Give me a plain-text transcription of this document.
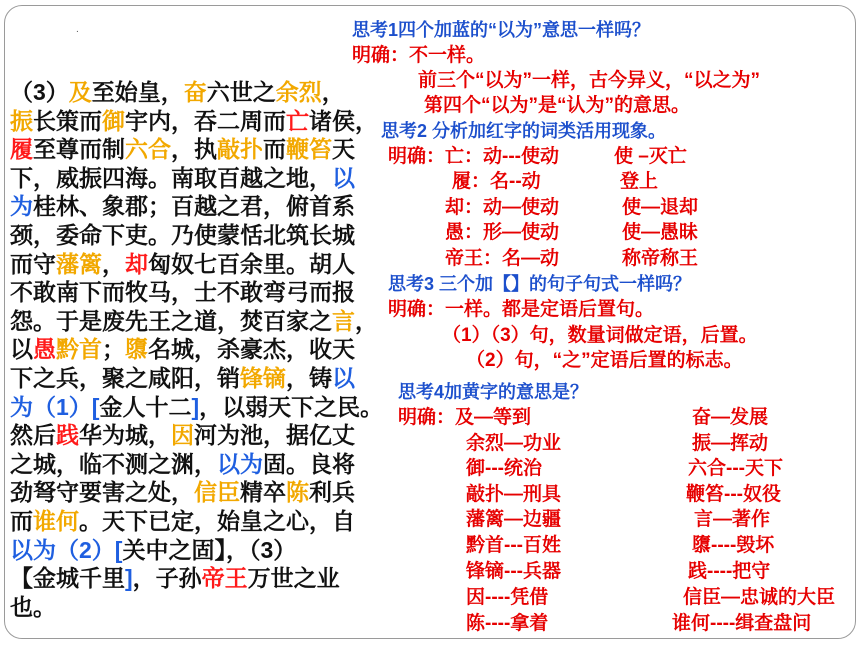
.
（3）及至始皇，奋六世之余烈，
振长策而御宇内，吞二周而亡诸侯，
履至尊而制六合，执敲扑而鞭笞天
下，威振四海。南取百越之地，以
为桂林、象郡；百越之君，俯首系
颈，委命下吏。乃使蒙恬北筑长城
而守藩篱，却匈奴七百余里。胡人
不敢南下而牧马，士不敢弯弓而报
怨。于是废先王之道，焚百家之言，
以愚黔首；隳名城，杀豪杰，收天
下之兵，聚之咸阳，销锋镝，铸以
为（1）[金人十二]，以弱天下之民。
然后践华为城，因河为池，据亿丈
之城，临不测之渊，以为固。良将
劲弩守要害之处，信臣精卒陈利兵
而谁何。天下已定，始皇之心，自
以为（2）[关中之固】，（3）
【金城千里]，子孙帝王万世之业
也。
思考1四个加蓝的“以为”意思一样吗？
明确：不一样。
前三个“以为”一样，古今异义，“以之为”
第四个“以为”是“认为”的意思。
思考2 分析加红字的词类活用现象。
明确：亡：动---使动	使 –灭亡
履：名--动	登上
却：动—使动	使—退却
愚：形—使动	使—愚昧
帝王：名—动	称帝称王
思考3 三个加【】的句子句式一样吗？
明确：一样。都是定语后置句。
（1）（3）句，数量词做定语，后置。
（2）句，“之”定语后置的标志。
思考4加黄字的意思是？
明确：及—等到	奋—发展
余烈—功业	振—挥动
御---统治	六合---天下
敲扑—刑具	鞭笞---奴役
藩篱—边疆	言—著作
黔首---百姓	隳----毁坏
锋镝---兵器	践----把守
因----凭借	信臣—忠诚的大臣
陈----拿着	谁何----缉查盘问
